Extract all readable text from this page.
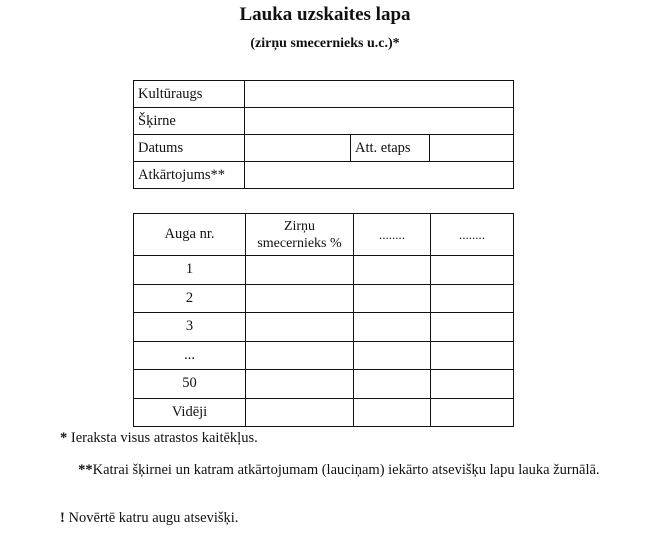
Lauka uzskaites lapa
(zirņu smecernieks u.c.)*
Kultūraugs			
Šķirne			
Datums		Att. etaps	
Atkārtojums**			
Auga nr.	Zirņu smecernieks %	........	........
1			
2			
3			
...			
50			
Vidēji			
* Ieraksta visus atrastos kaitēkļus.
**Katrai šķirnei un katram atkārtojumam (lauciņam) iekārto atsevišķu lapu lauka žurnālā.
! Novērtē katru augu atsevišķi.
